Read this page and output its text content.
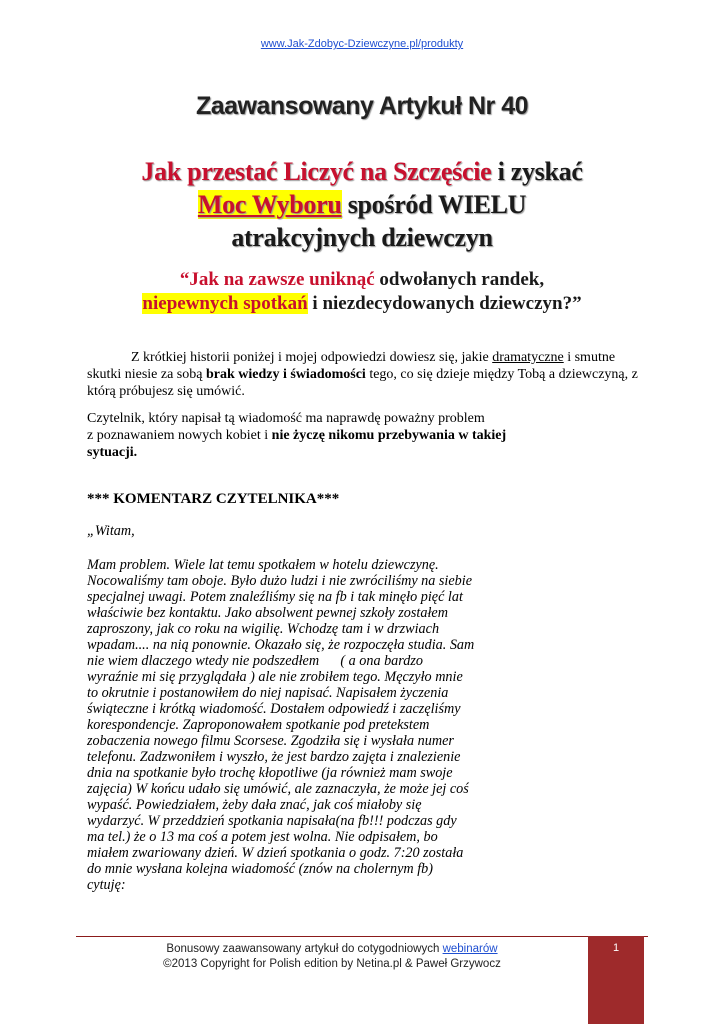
www.Jak-Zdobyc-Dziewczyne.pl/produkty
Zaawansowany Artykuł Nr 40
Jak przestać Liczyć na Szczęście i zyskać
Moc Wyboru spośród WIELU
atrakcyjnych dziewczyn
“Jak na zawsze uniknąć odwołanych randek,
niepewnych spotkań i niezdecydowanych dziewczyn?”
Z krótkiej historii poniżej i mojej odpowiedzi dowiesz się, jakie dramatyczne i smutne skutki niesie za sobą brak wiedzy i świadomości tego, co się dzieje między Tobą a dziewczyną, z którą próbujesz się umówić.
Czytelnik, który napisał tą wiadomość ma naprawdę poważny problem
z poznawaniem nowych kobiet i nie życzę nikomu przebywania w takiej
sytuacji.
*** KOMENTARZ CZYTELNIKA***
„Witam,
Mam problem. Wiele lat temu spotkałem w hotelu dziewczynę.
Nocowaliśmy tam oboje. Było dużo ludzi i nie zwróciliśmy na siebie
specjalnej uwagi. Potem znaleźliśmy się na fb i tak minęło pięć lat
właściwie bez kontaktu. Jako absolwent pewnej szkoły zostałem
zaproszony, jak co roku na wigilię. Wchodzę tam i w drzwiach
wpadam.... na nią ponownie. Okazało się, że rozpoczęła studia. Sam
nie wiem dlaczego wtedy nie podszedłem      ( a ona bardzo
wyraźnie mi się przyglądała ) ale nie zrobiłem tego. Męczyło mnie
to okrutnie i postanowiłem do niej napisać. Napisałem życzenia
świąteczne i krótką wiadomość. Dostałem odpowiedź i zaczęliśmy
korespondencje. Zaproponowałem spotkanie pod pretekstem
zobaczenia nowego filmu Scorsese. Zgodziła się i wysłała numer
telefonu. Zadzwoniłem i wyszło, że jest bardzo zajęta i znalezienie
dnia na spotkanie było trochę kłopotliwe (ja również mam swoje
zajęcia) W końcu udało się umówić, ale zaznaczyła, że może jej coś
wypaść. Powiedziałem, żeby dała znać, jak coś miałoby się
wydarzyć. W przeddzień spotkania napisała(na fb!!! podczas gdy
ma tel.) że o 13 ma coś a potem jest wolna. Nie odpisałem, bo
miałem zwariowany dzień. W dzień spotkania o godz. 7:20 została
do mnie wysłana kolejna wiadomość (znów na cholernym fb)
cytuję:
Bonusowy zaawansowany artykuł do cotygodniowych webinarów
©2013 Copyright for Polish edition by Netina.pl & Paweł Grzywocz
1
